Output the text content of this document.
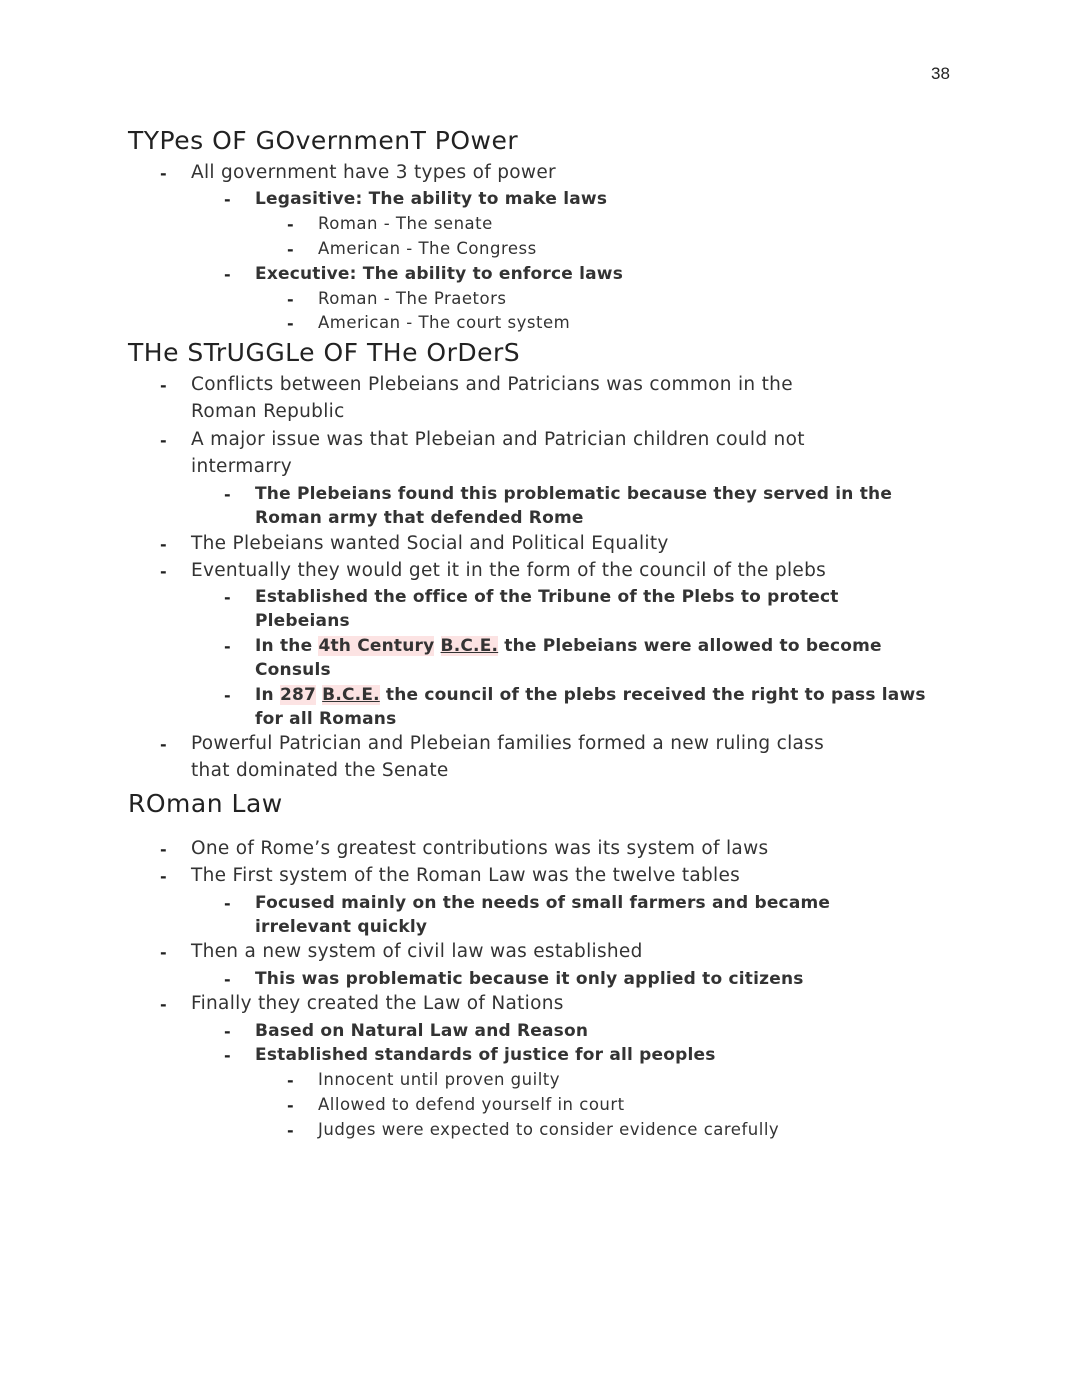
38
TYPes OF GOvernmenT POwer
- All government have 3 types of power
- Legasitive: The ability to make laws
- Roman - The senate
- American - The Congress
- Executive: The ability to enforce laws
- Roman - The Praetors
- American - The court system
THe STrUGGLe OF THe OrDerS
- Conflicts between Plebeians and Patricians was common in the
Roman Republic
- A major issue was that Plebeian and Patrician children could not
intermarry
- The Plebeians found this problematic because they served in the
Roman army that defended Rome
- The Plebeians wanted Social and Political Equality
- Eventually they would get it in the form of the council of the plebs
- Established the office of the Tribune of the Plebs to protect
Plebeians
- In the 4th Century B.C.E. the Plebeians were allowed to become
Consuls
- In 287 B.C.E. the council of the plebs received the right to pass laws
for all Romans
- Powerful Patrician and Plebeian families formed a new ruling class
that dominated the Senate
ROman Law
- One of Rome’s greatest contributions was its system of laws
- The First system of the Roman Law was the twelve tables
- Focused mainly on the needs of small farmers and became
irrelevant quickly
- Then a new system of civil law was established
- This was problematic because it only applied to citizens
- Finally they created the Law of Nations
- Based on Natural Law and Reason
- Established standards of justice for all peoples
- Innocent until proven guilty
- Allowed to defend yourself in court
- Judges were expected to consider evidence carefully
